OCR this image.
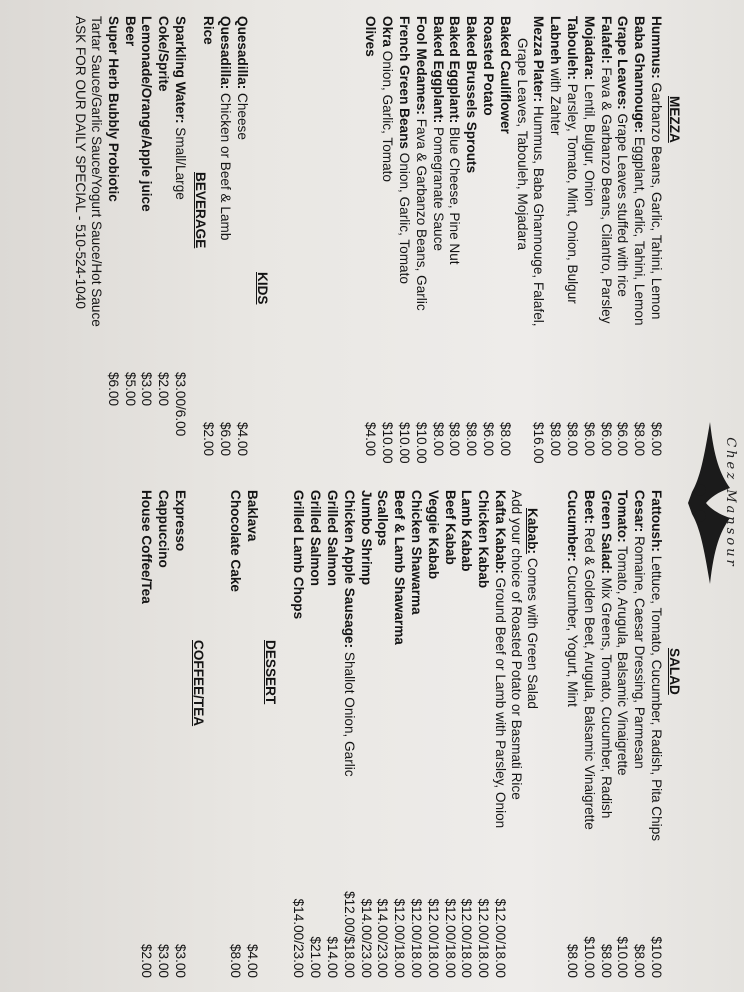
MEZZA
Hummus: Garbanzo Beans, Garlic, Tahini, Lemon
$6.00
Baba Ghannouge: Eggplant, Garlic, Tahini, Lemon
$8.00
Grape Leaves: Grape Leaves stuffed with rice
$6.00
Falafel: Fava & Garbanzo Beans, Cilantro, Parsley
$6.00
Mojadara: Lentil, Bulgur, Onion
$6.00
Tabouleh: Parsley, Tomato, Mint, Onion, Bulgur
$8.00
Labneh with Zahter
$8.00
Mezza Plater: Hummus, Baba Ghannouge, Falafel,
$16.00
Grape Leaves, Tabouleh, Mojadara
Baked Cauliflower
$8.00
Roasted Potato
$6.00
Baked Brussels Sprouts
$8.00
Baked Eggplant: Blue Cheese, Pine Nut
$8.00
Baked Eggplant: Pomegranate Sauce
$8.00
Fool Medames: Fava & Garbanzo Beans, Garlic
$10.00
French Green Beans Onion, Garlic, Tomato
$10.00
Okra Onion, Garlic, Tomato
$10.00
Olives
$4.00
KIDS
Quesadilla: Cheese
$4.00
Quesadilla: Chicken or Beef & Lamb
$6.00
Rice
$2.00
BEVERAGE
Sparkling Water: Small/Large
$3.00/6.00
Coke/Sprite
$2.00
Lemonade/Orange/Apple juice
$3.00
Beer
$5.00
Super Herb Bubbly Probiotic
$6.00
Tartar Sauce/Garlic Sauce/Yogurt Sauce/Hot Sauce
ASK FOR OUR DAILY SPECIAL - 510-524-1040
Chez Mansour
SALAD
Fattoush: Lettuce, Tomato, Cucumber, Radish, Pita Chips
$10.00
Cesar: Romaine, Caesar Dressing, Parmesan
$8.00
Tomato: Tomato, Arugula, Balsamic Vinaigrette
$10.00
Green Salad: Mix Greens, Tomato, Cucumber, Radish
$8.00
Beet: Red & Golden Beet, Arugula, Balsamic Vinaigrette
$10.00
Cucumber: Cucumber, Yogurt, Mint
$8.00
Kabab: Comes with Green Salad
Add your choice of Roasted Potato or Basmati Rice
Kafta Kabab: Ground Beef or Lamb with Parsley, Onion
$12.00/18.00
Chicken Kabab
$12.00/18.00
Lamb Kabab
$12.00/18.00
Beef Kabab
$12.00/18.00
Veggie Kabab
$12.00/18.00
Chicken Shawarma
$12.00/18.00
Beef & Lamb Shawarma
$12.00/18.00
Scallops
$14.00/23.00
Jumbo Shrimp
$14.00/23.00
Chicken Apple Sausage: Shallot Onion, Garlic
$12.00/$18.00
Grilled Salmon
$14.00
Grilled Salmon
$21.00
Grilled Lamb Chops
$14.00/23.00
DESSERT
Baklava
$4.00
Chocolate Cake
$8.00
COFFEE/TEA
Expresso
$3.00
Cappuccino
$3.00
House Coffee/Tea
$2.00
